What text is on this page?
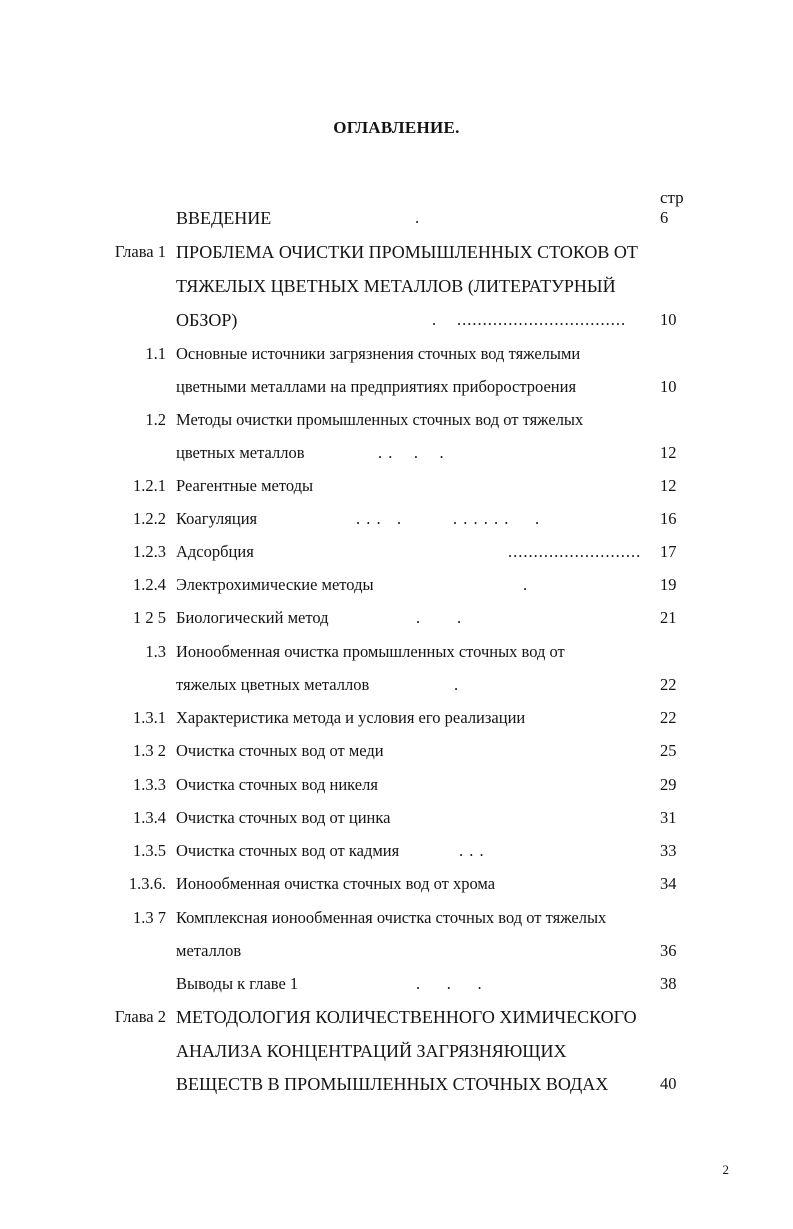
ОГЛАВЛЕНИЕ.
стр
ВВЕДЕНИЕ	.	6
Глава 1 ПРОБЛЕМА ОЧИСТКИ ПРОМЫШЛЕННЫХ СТОКОВ ОТ
ТЯЖЕЛЫХ ЦВЕТНЫХ МЕТАЛЛОВ (ЛИТЕРАТУРНЫЙ
ОБЗОР)	. ................................. 10
1.1 Основные источники загрязнения сточных вод тяжелыми
цветными металлами на предприятиях приборостроения	10
1.2 Методы очистки промышленных сточных вод от тяжелых
цветных металлов	. .    .    .	12
1.2.1 Реагентные методы	12
1.2.2 Коагуляция	. . .   .	. . . . . .     .	16
1.2.3 Адсорбция	.......................... 17
1.2.4 Электрохимические методы	.	19
1 2 5 Биологический метод	.       .	21
1.3 Ионообменная очистка промышленных сточных вод от
тяжелых цветных металлов	.	22
1.3.1 Характеристика метода и условия его реализации	22
1.3 2 Очистка сточных вод от меди	25
1.3.3 Очистка сточных вод никеля	29
1.3.4 Очистка сточных вод от цинка	31
1.3.5 Очистка сточных вод от кадмия	. . .	33
1.3.6. Ионообменная очистка сточных вод от хрома	34
1.3 7 Комплексная ионообменная очистка сточных вод от тяжелых
металлов	36
Выводы к главе 1	.     .     .	38
Глава 2 МЕТОДОЛОГИЯ КОЛИЧЕСТВЕННОГО ХИМИЧЕСКОГО
АНАЛИЗА КОНЦЕНТРАЦИЙ ЗАГРЯЗНЯЮЩИХ
ВЕЩЕСТВ В ПРОМЫШЛЕННЫХ СТОЧНЫХ ВОДАХ	40
2
